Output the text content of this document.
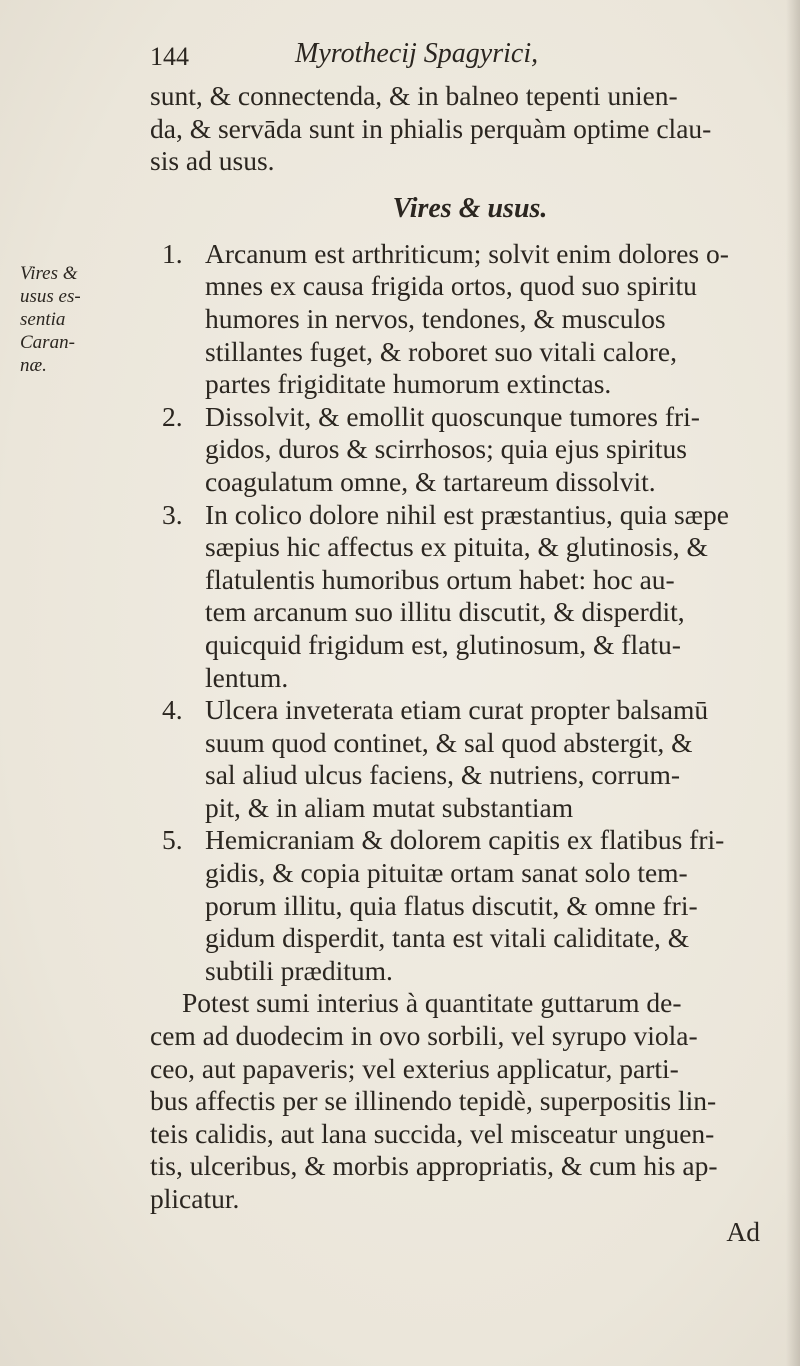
144	Myrothecij Spagyrici,
Vires &
usus es-
sentia
Caran-
næ.
sunt, & connectenda, & in balneo tepenti unien-
da, & servāda sunt in phialis perquàm optime clau-
sis ad usus.
Vires & usus.
1. Arcanum est arthriticum; solvit enim dolores o-
mnes ex causa frigida ortos, quod suo spiritu
humores in nervos, tendones, & musculos
stillantes fuget, & roboret suo vitali calore,
partes frigiditate humorum extinctas.
2. Dissolvit, & emollit quoscunque tumores fri-
gidos, duros & scirrhosos; quia ejus spiritus
coagulatum omne, & tartareum dissolvit.
3. In colico dolore nihil est præstantius, quia sæpe
sæpius hic affectus ex pituita, & glutinosis, &
flatulentis humoribus ortum habet: hoc au-
tem arcanum suo illitu discutit, & disperdit,
quicquid frigidum est, glutinosum, & flatu-
lentum.
4. Ulcera inveterata etiam curat propter balsamū
suum quod continet, & sal quod abstergit, &
sal aliud ulcus faciens, & nutriens, corrum-
pit, & in aliam mutat substantiam
5. Hemicraniam & dolorem capitis ex flatibus fri-
gidis, & copia pituitæ ortam sanat solo tem-
porum illitu, quia flatus discutit, & omne fri-
gidum disperdit, tanta est vitali caliditate, &
subtili præditum.
Potest sumi interius à quantitate guttarum de-
cem ad duodecim in ovo sorbili, vel syrupo viola-
ceo, aut papaveris; vel exterius applicatur, parti-
bus affectis per se illinendo tepidè, superpositis lin-
teis calidis, aut lana succida, vel misceatur unguen-
tis, ulceribus, & morbis appropriatis, & cum his ap-
plicatur.
Ad
